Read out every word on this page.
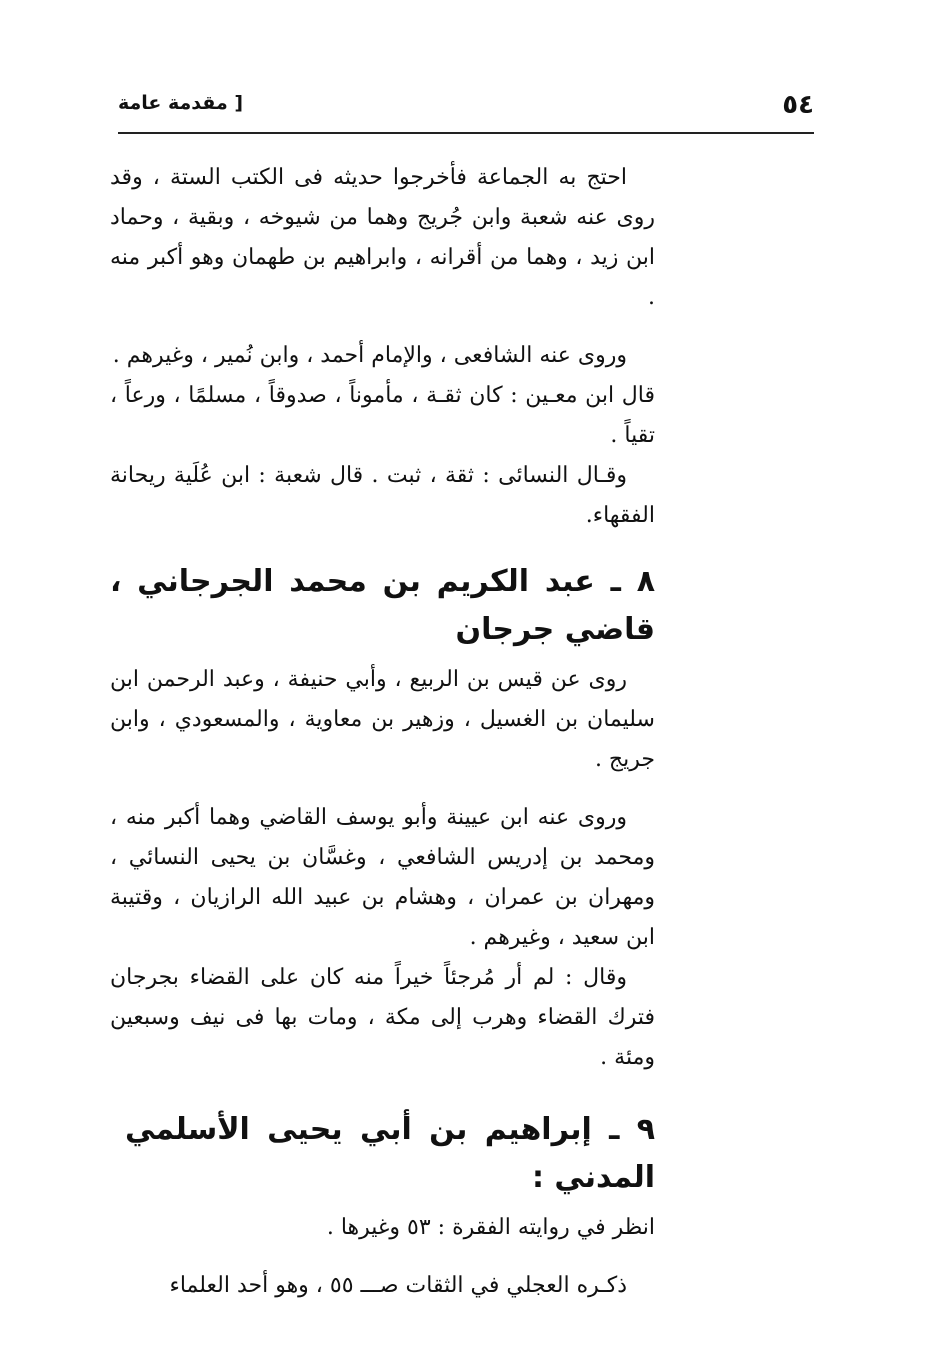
٥٤
[ مقدمة عامة

احتج به الجماعة فأخرجوا حديثه فى الكتب الستة ، وقد روى عنه شعبة وابن جُريج وهما من شيوخه ، وبقية ، وحماد ابن زيد ، وهما من أقرانه ، وابراهيم بن طهمان وهو أكبر منه .

وروى عنه الشافعى ، والإمام أحمد ، وابن نُمير ، وغيرهم .

قال ابن معـين : كان ثقـة ، مأموناً ، صدوقاً ، مسلمًا ، ورعاً ، تقياً .

وقـال النسائى : ثقة ، ثبت . قال شعبة : ابن عُلَية ريحانة الفقهاء.

٨ ـ عبد الكريم بن محمد الجرجاني ، قاضي جرجان

روى عن قيس بن الربيع ، وأبي حنيفة ، وعبد الرحمن ابن سليمان بن الغسيل ، وزهير بن معاوية ، والمسعودي ، وابن جريج .

وروى عنه ابن عيينة وأبو يوسف القاضي وهما أكبر منه ، ومحمد بن إدريس الشافعي ، وغسَّان بن يحيى النسائي ، ومهران بن عمران ، وهشام بن عبيد الله الرازيان ، وقتيبة ابن سعيد ، وغيرهم .

وقال : لم أر مُرجئاً خيراً منه كان على القضاء بجرجان فترك القضاء وهرب إلى مكة ، ومات بها فى نيف وسبعين ومئة .

٩ ـ إبراهيم بن أبي يحيى الأسلمي المدني :

انظر في روايته الفقرة : ٥٣ وغيرها .

ذكـره العجلي في الثقات صـــ ٥٥ ، وهو أحد العلماء
